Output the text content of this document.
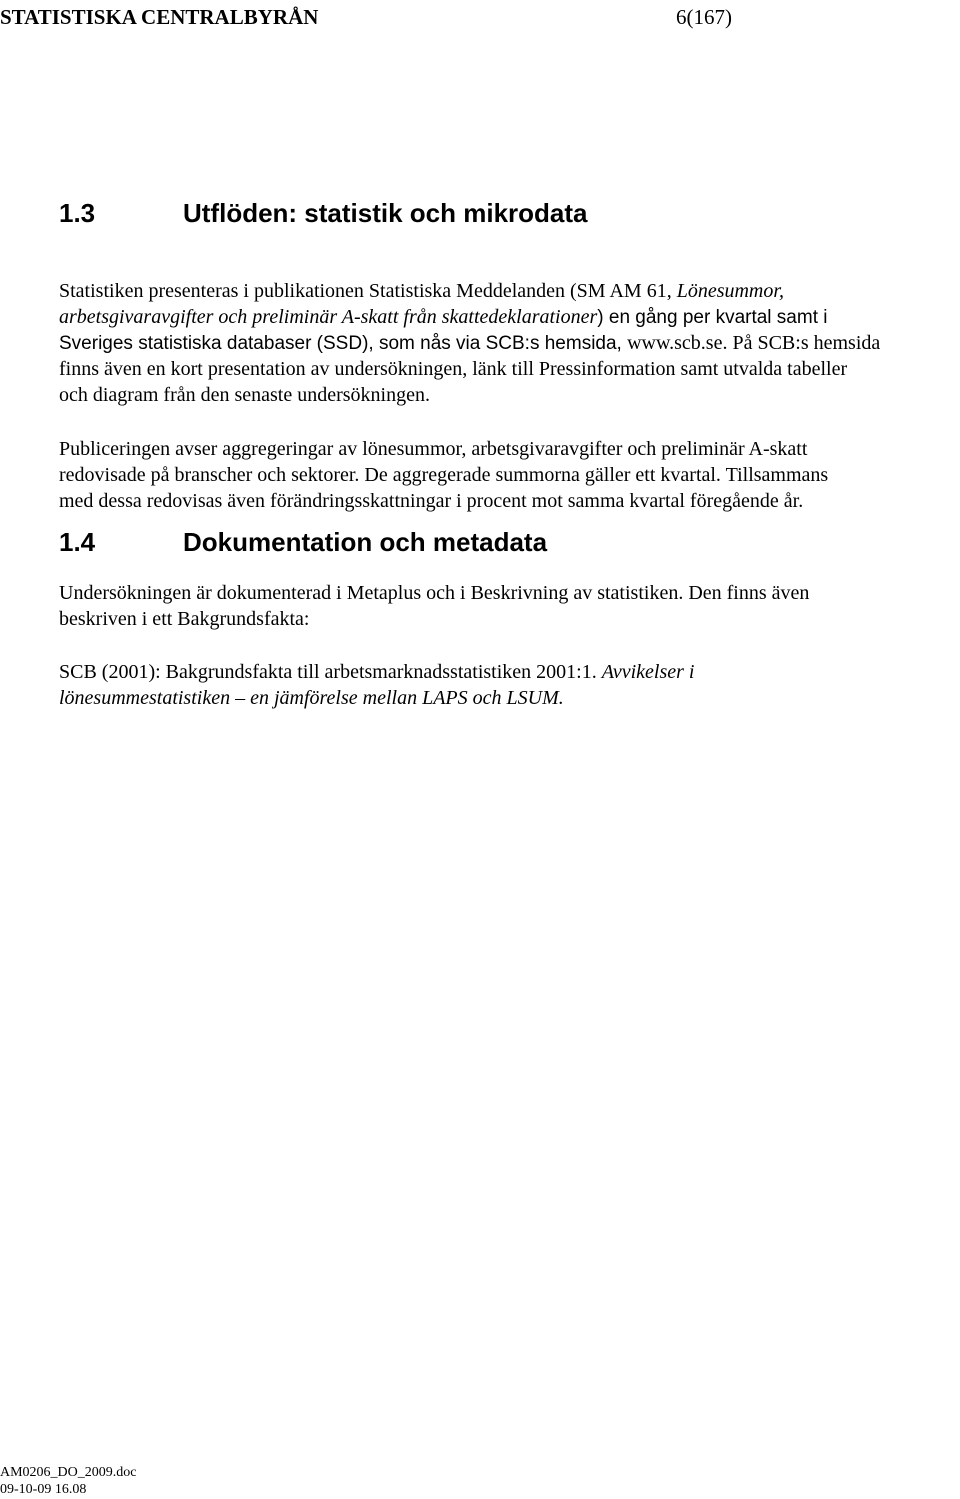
STATISTISKA CENTRALBYRÅN	6(167)
1.3	Utflöden: statistik och mikrodata
Statistiken presenteras i publikationen Statistiska Meddelanden (SM AM 61, Lönesummor,
arbetsgivaravgifter och preliminär A-skatt från skattedeklarationer) en gång per kvartal samt i
Sveriges statistiska databaser (SSD), som nås via SCB:s hemsida, www.scb.se. På SCB:s hemsida
finns även en kort presentation av undersökningen, länk till Pressinformation samt utvalda tabeller
och diagram från den senaste undersökningen.
Publiceringen avser aggregeringar av lönesummor, arbetsgivaravgifter och preliminär A-skatt
redovisade på branscher och sektorer. De aggregerade summorna gäller ett kvartal. Tillsammans
med dessa redovisas även förändringsskattningar i procent mot samma kvartal föregående år.
1.4	Dokumentation och metadata
Undersökningen är dokumenterad i Metaplus och i Beskrivning av statistiken. Den finns även
beskriven i ett Bakgrundsfakta:
SCB (2001): Bakgrundsfakta till arbetsmarknadsstatistiken 2001:1. Avvikelser i
lönesummestatistiken – en jämförelse mellan LAPS och LSUM.
AM0206_DO_2009.doc
09-10-09 16.08
